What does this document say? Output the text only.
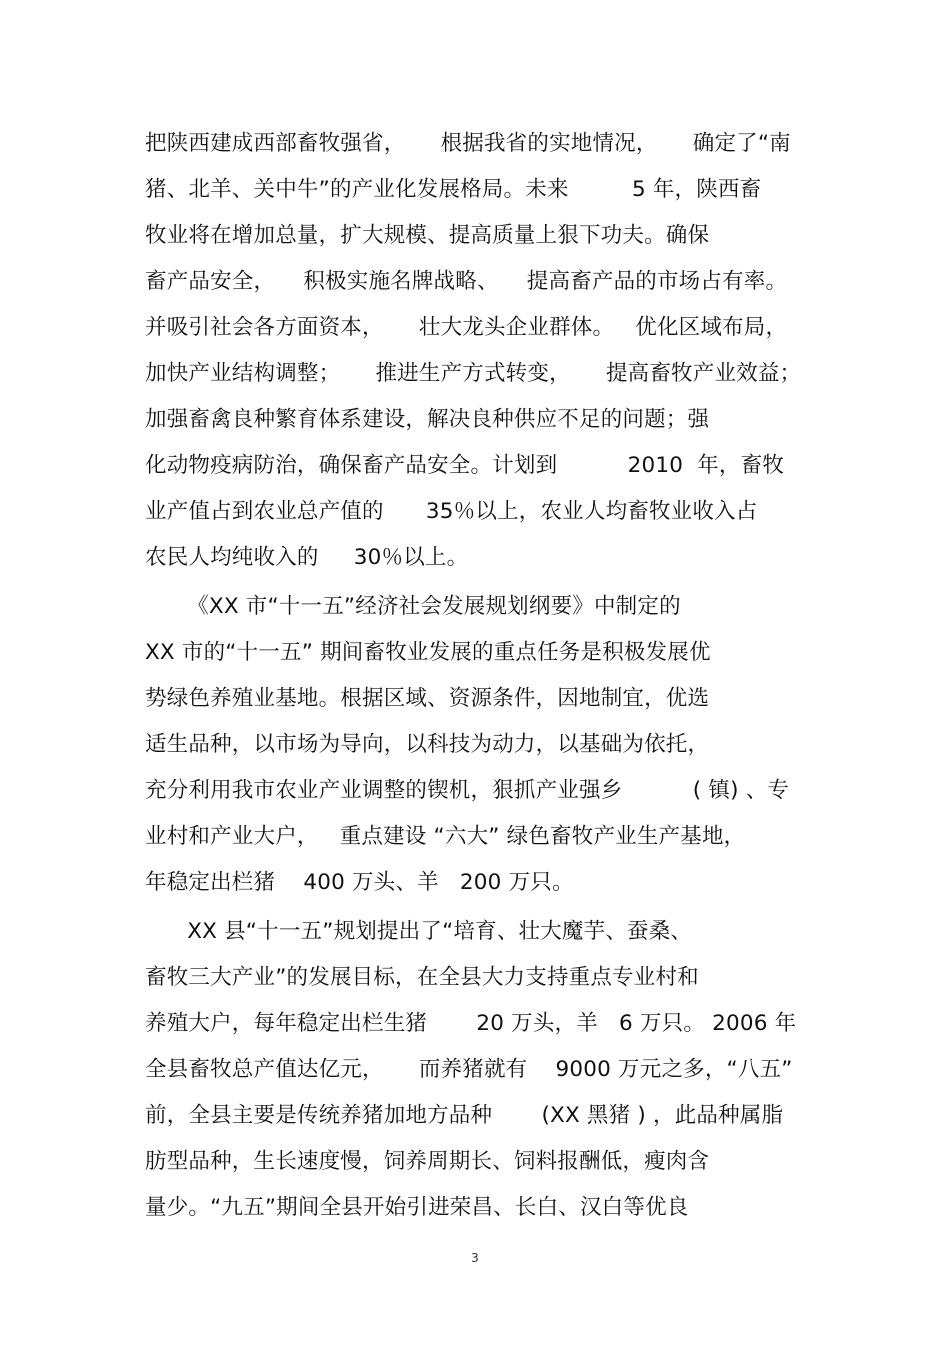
把陕西建成西部畜牧强省，     根据我省的实地情况，     确定了“南
猪、北羊、关中牛”的产业化发展格局。未来         5 年，陕西畜
牧业将在增加总量，扩大规模、提高质量上狠下功夫。确保
畜产品安全，    积极实施名牌战略、    提高畜产品的市场占有率。
并吸引社会各方面资本，     壮大龙头企业群体。   优化区域布局，
加快产业结构调整；     推进生产方式转变，     提高畜牧产业效益；
加强畜禽良种繁育体系建设，解决良种供应不足的问题；强
化动物疫病防治，确保畜产品安全。计划到          2010  年，畜牧
业产值占到农业总产值的      35％以上，农业人均畜牧业收入占
农民人均纯收入的     30％以上。
《XX 市“十一五”经济社会发展规划纲要》中制定的
XX 市的“十一五” 期间畜牧业发展的重点任务是积极发展优
势绿色养殖业基地。根据区域、资源条件，因地制宜，优选
适生品种，以市场为导向，以科技为动力，以基础为依托，
充分利用我市农业产业调整的锲机，狠抓产业强乡          ( 镇) 、专
业村和产业大户，   重点建设 “六大” 绿色畜牧产业生产基地，
年稳定出栏猪    400 万头、羊   200 万只。
XX 县“十一五”规划提出了“培育、壮大魔芋、蚕桑、
畜牧三大产业”的发展目标，在全县大力支持重点专业村和
养殖大户，每年稳定出栏生猪       20 万头，羊   6 万只。 2006 年
全县畜牧总产值达亿元，     而养猪就有    9000 万元之多，“八五”
前，全县主要是传统养猪加地方品种       (XX 黑猪 ) ，此品种属脂
肪型品种，生长速度慢，饲养周期长、饲料报酬低，瘦肉含
量少。“九五”期间全县开始引进荣昌、长白、汉白等优良
3
